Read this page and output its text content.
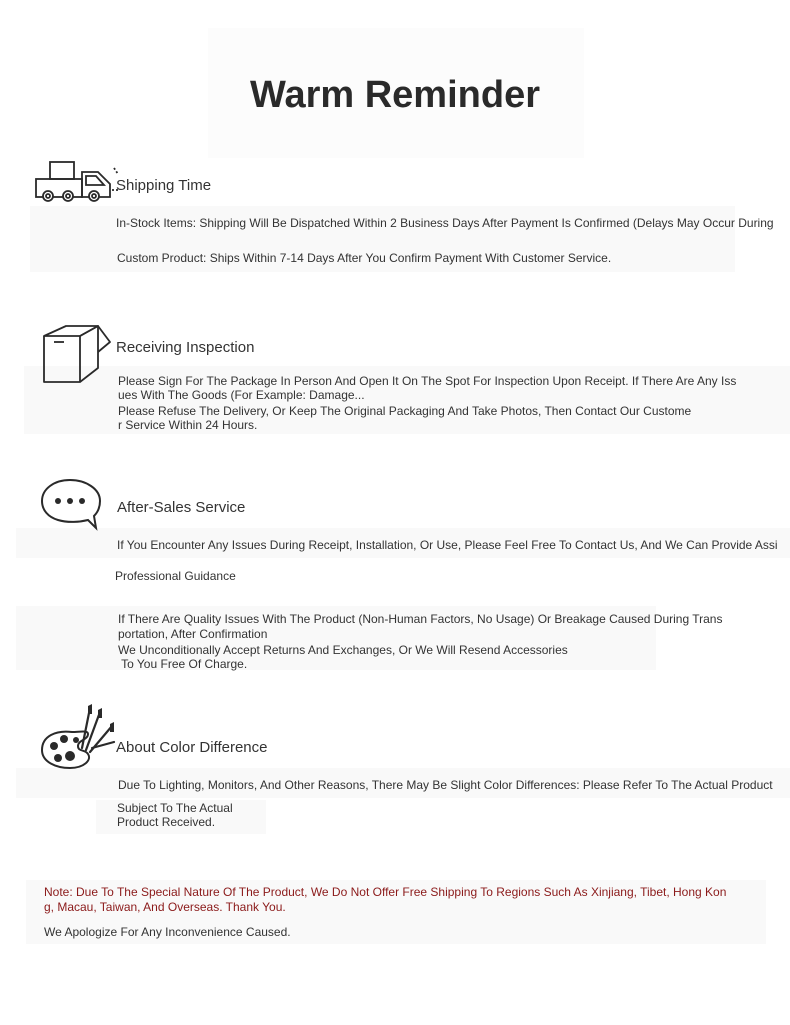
Warm Reminder
Shipping Time
In-Stock Items: Shipping Will Be Dispatched Within 2 Business Days After Payment Is Confirmed (Delays May Occur During
Custom Product: Ships Within 7-14 Days After You Confirm Payment With Customer Service.
Receiving Inspection
Please Sign For The Package In Person And Open It On The Spot For Inspection Upon Receipt. If There Are Any Iss
ues With The Goods (For Example: Damage...
Please Refuse The Delivery, Or Keep The Original Packaging And Take Photos, Then Contact Our Custome
r Service Within 24 Hours.
After-Sales Service
If You Encounter Any Issues During Receipt, Installation, Or Use, Please Feel Free To Contact Us, And We Can Provide Assi
Professional Guidance
If There Are Quality Issues With The Product (Non-Human Factors, No Usage) Or Breakage Caused During Trans
portation, After Confirmation
We Unconditionally Accept Returns And Exchanges, Or We Will Resend Accessories
To You Free Of Charge.
About Color Difference
Due To Lighting, Monitors, And Other Reasons, There May Be Slight Color Differences: Please Refer To The Actual Product
Subject To The Actual
Product Received.
Note: Due To The Special Nature Of The Product, We Do Not Offer Free Shipping To Regions Such As Xinjiang, Tibet, Hong Kon
g, Macau, Taiwan, And Overseas. Thank You.
We Apologize For Any Inconvenience Caused.
